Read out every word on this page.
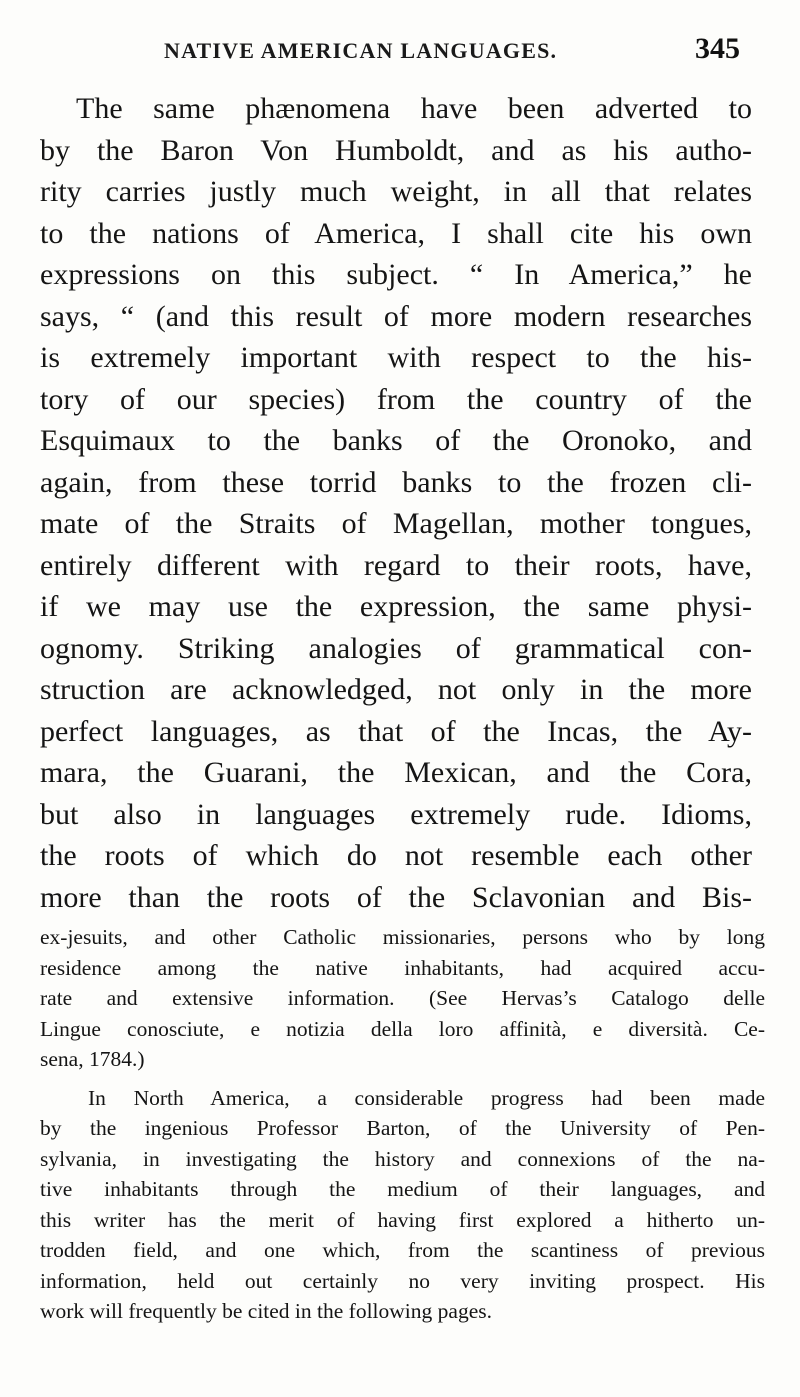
NATIVE AMERICAN LANGUAGES.	345
The same phænomena have been adverted to
by the Baron Von Humboldt, and as his autho-
rity carries justly much weight, in all that relates
to the nations of America, I shall cite his own
expressions on this subject. “ In America,” he
says, “ (and this result of more modern researches
is extremely important with respect to the his-
tory of our species) from the country of the
Esquimaux to the banks of the Oronoko, and
again, from these torrid banks to the frozen cli-
mate of the Straits of Magellan, mother tongues,
entirely different with regard to their roots, have,
if we may use the expression, the same physi-
ognomy. Striking analogies of grammatical con-
struction are acknowledged, not only in the more
perfect languages, as that of the Incas, the Ay-
mara, the Guarani, the Mexican, and the Cora,
but also in languages extremely rude. Idioms,
the roots of which do not resemble each other
more than the roots of the Sclavonian and Bis-
ex-jesuits, and other Catholic missionaries, persons who by long
residence among the native inhabitants, had acquired accu-
rate and extensive information. (See Hervas’s Catalogo delle
Lingue conosciute, e notizia della loro affinità, e diversità. Ce-
sena, 1784.)
In North America, a considerable progress had been made
by the ingenious Professor Barton, of the University of Pen-
sylvania, in investigating the history and connexions of the na-
tive inhabitants through the medium of their languages, and
this writer has the merit of having first explored a hitherto un-
trodden field, and one which, from the scantiness of previous
information, held out certainly no very inviting prospect. His
work will frequently be cited in the following pages.
